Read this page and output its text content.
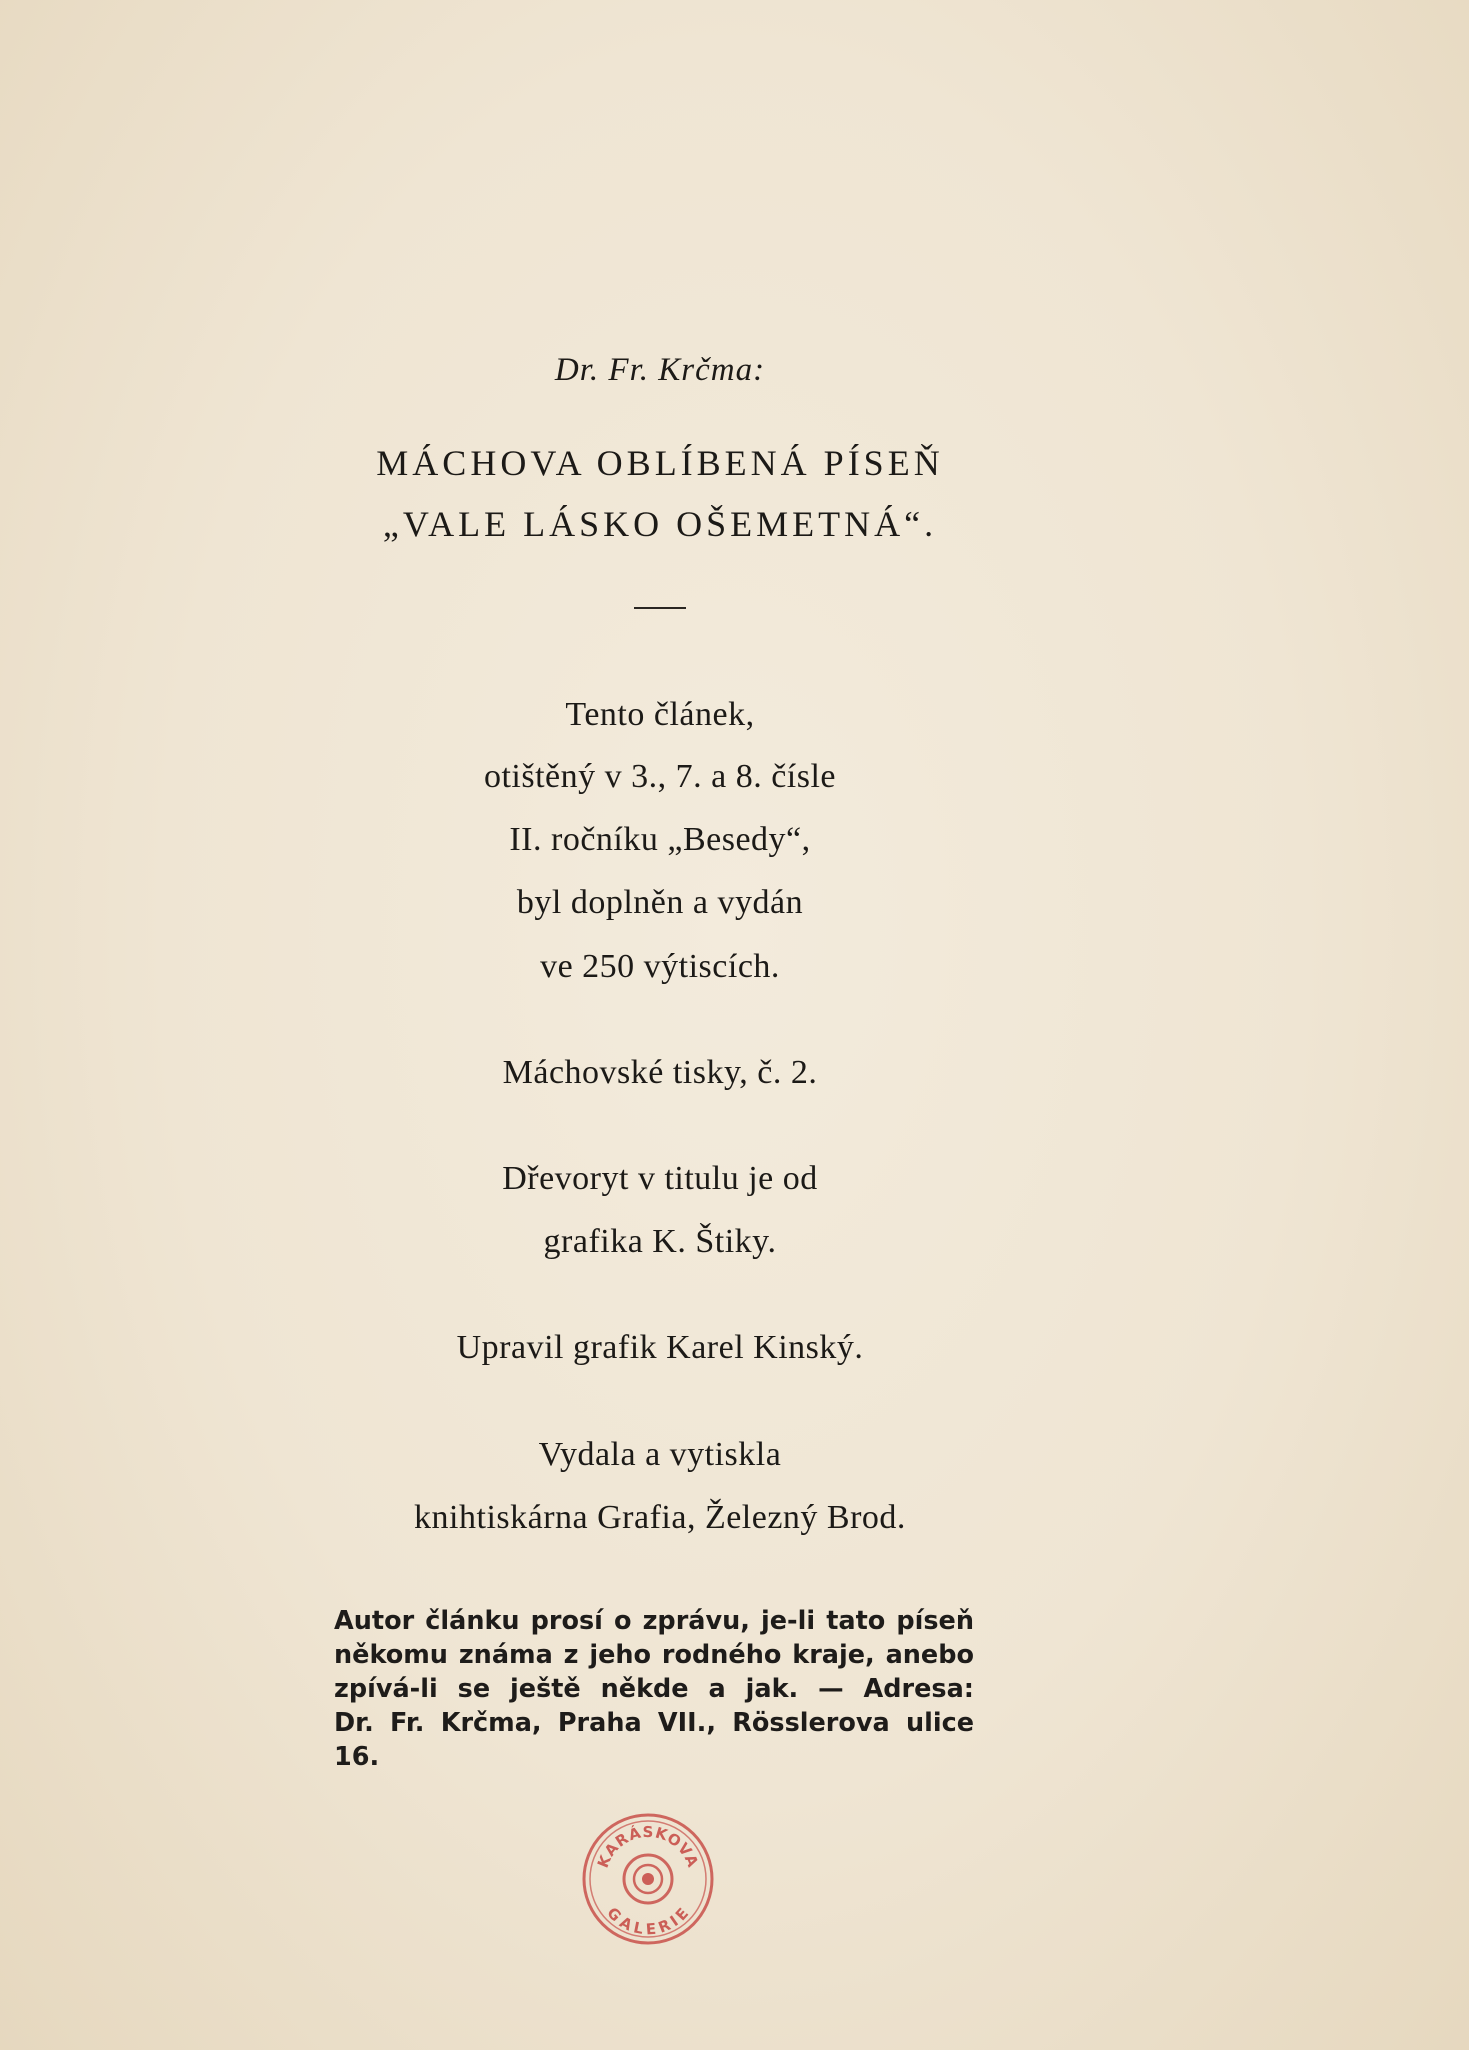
Dr. Fr. Krčma:
MÁCHOVA OBLÍBENÁ PÍSEŇ
„VALE LÁSKO OŠEMETNÁ“.
Tento článek,
otištěný v 3., 7. a 8. čísle
II. ročníku „Besedy“,
byl doplněn a vydán
ve 250 výtiscích.
Máchovské tisky, č. 2.
Dřevoryt v titulu je od
grafika K. Štiky.
Upravil grafik Karel Kinský.
Vydala a vytiskla
knihtiskárna Grafia, Železný Brod.
Autor článku prosí o zprávu, je-li tato píseň
někomu známa z jeho rodného kraje, anebo
zpívá-li se ještě někde a jak. — Adresa:
Dr. Fr. Krčma, Praha VII., Rösslerova ulice 16.
KARÁSKOVA
GALERIE
